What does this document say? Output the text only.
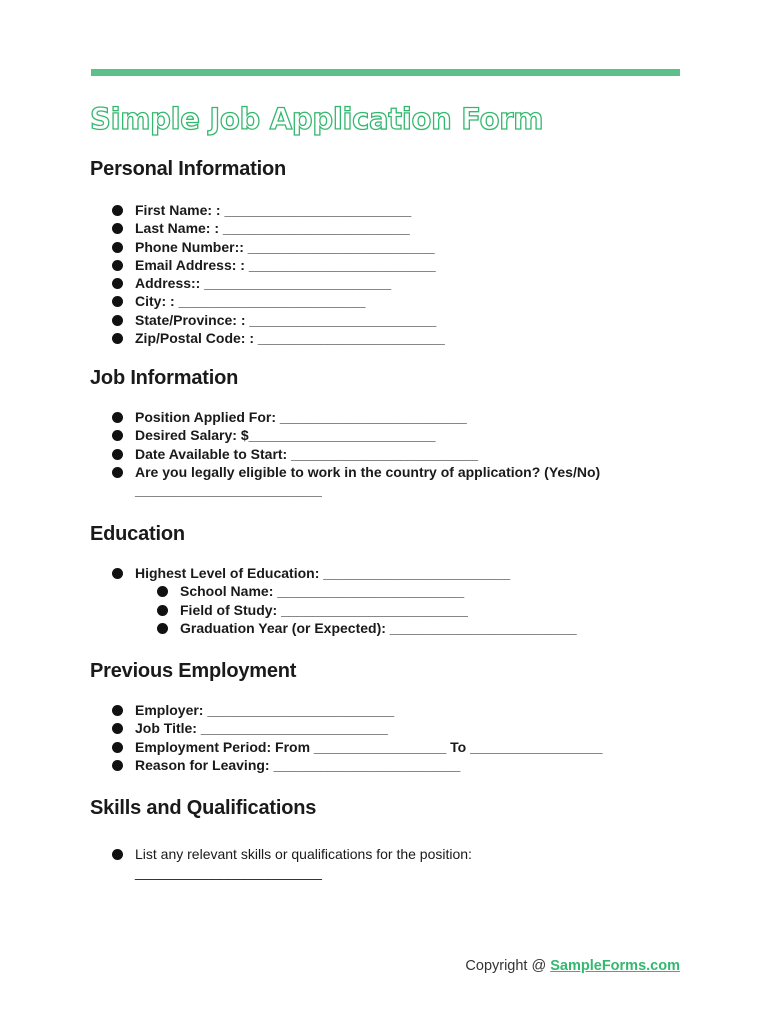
Simple Job Application Form
Personal Information
First Name: : ________________________
Last Name: : ________________________
Phone Number:: ________________________
Email Address: : ________________________
Address:: ________________________
City: : ________________________
State/Province: : ________________________
Zip/Postal Code: : ________________________
Job Information
Position Applied For: ________________________
Desired Salary: $________________________
Date Available to Start: ________________________
Are you legally eligible to work in the country of application? (Yes/No) ________________________
Education
Highest Level of Education: ________________________
School Name: ________________________
Field of Study: ________________________
Graduation Year (or Expected): ________________________
Previous Employment
Employer: ________________________
Job Title: ________________________
Employment Period: From _________________ To _________________
Reason for Leaving: ________________________
Skills and Qualifications
List any relevant skills or qualifications for the position: ________________________
Copyright @ SampleForms.com
